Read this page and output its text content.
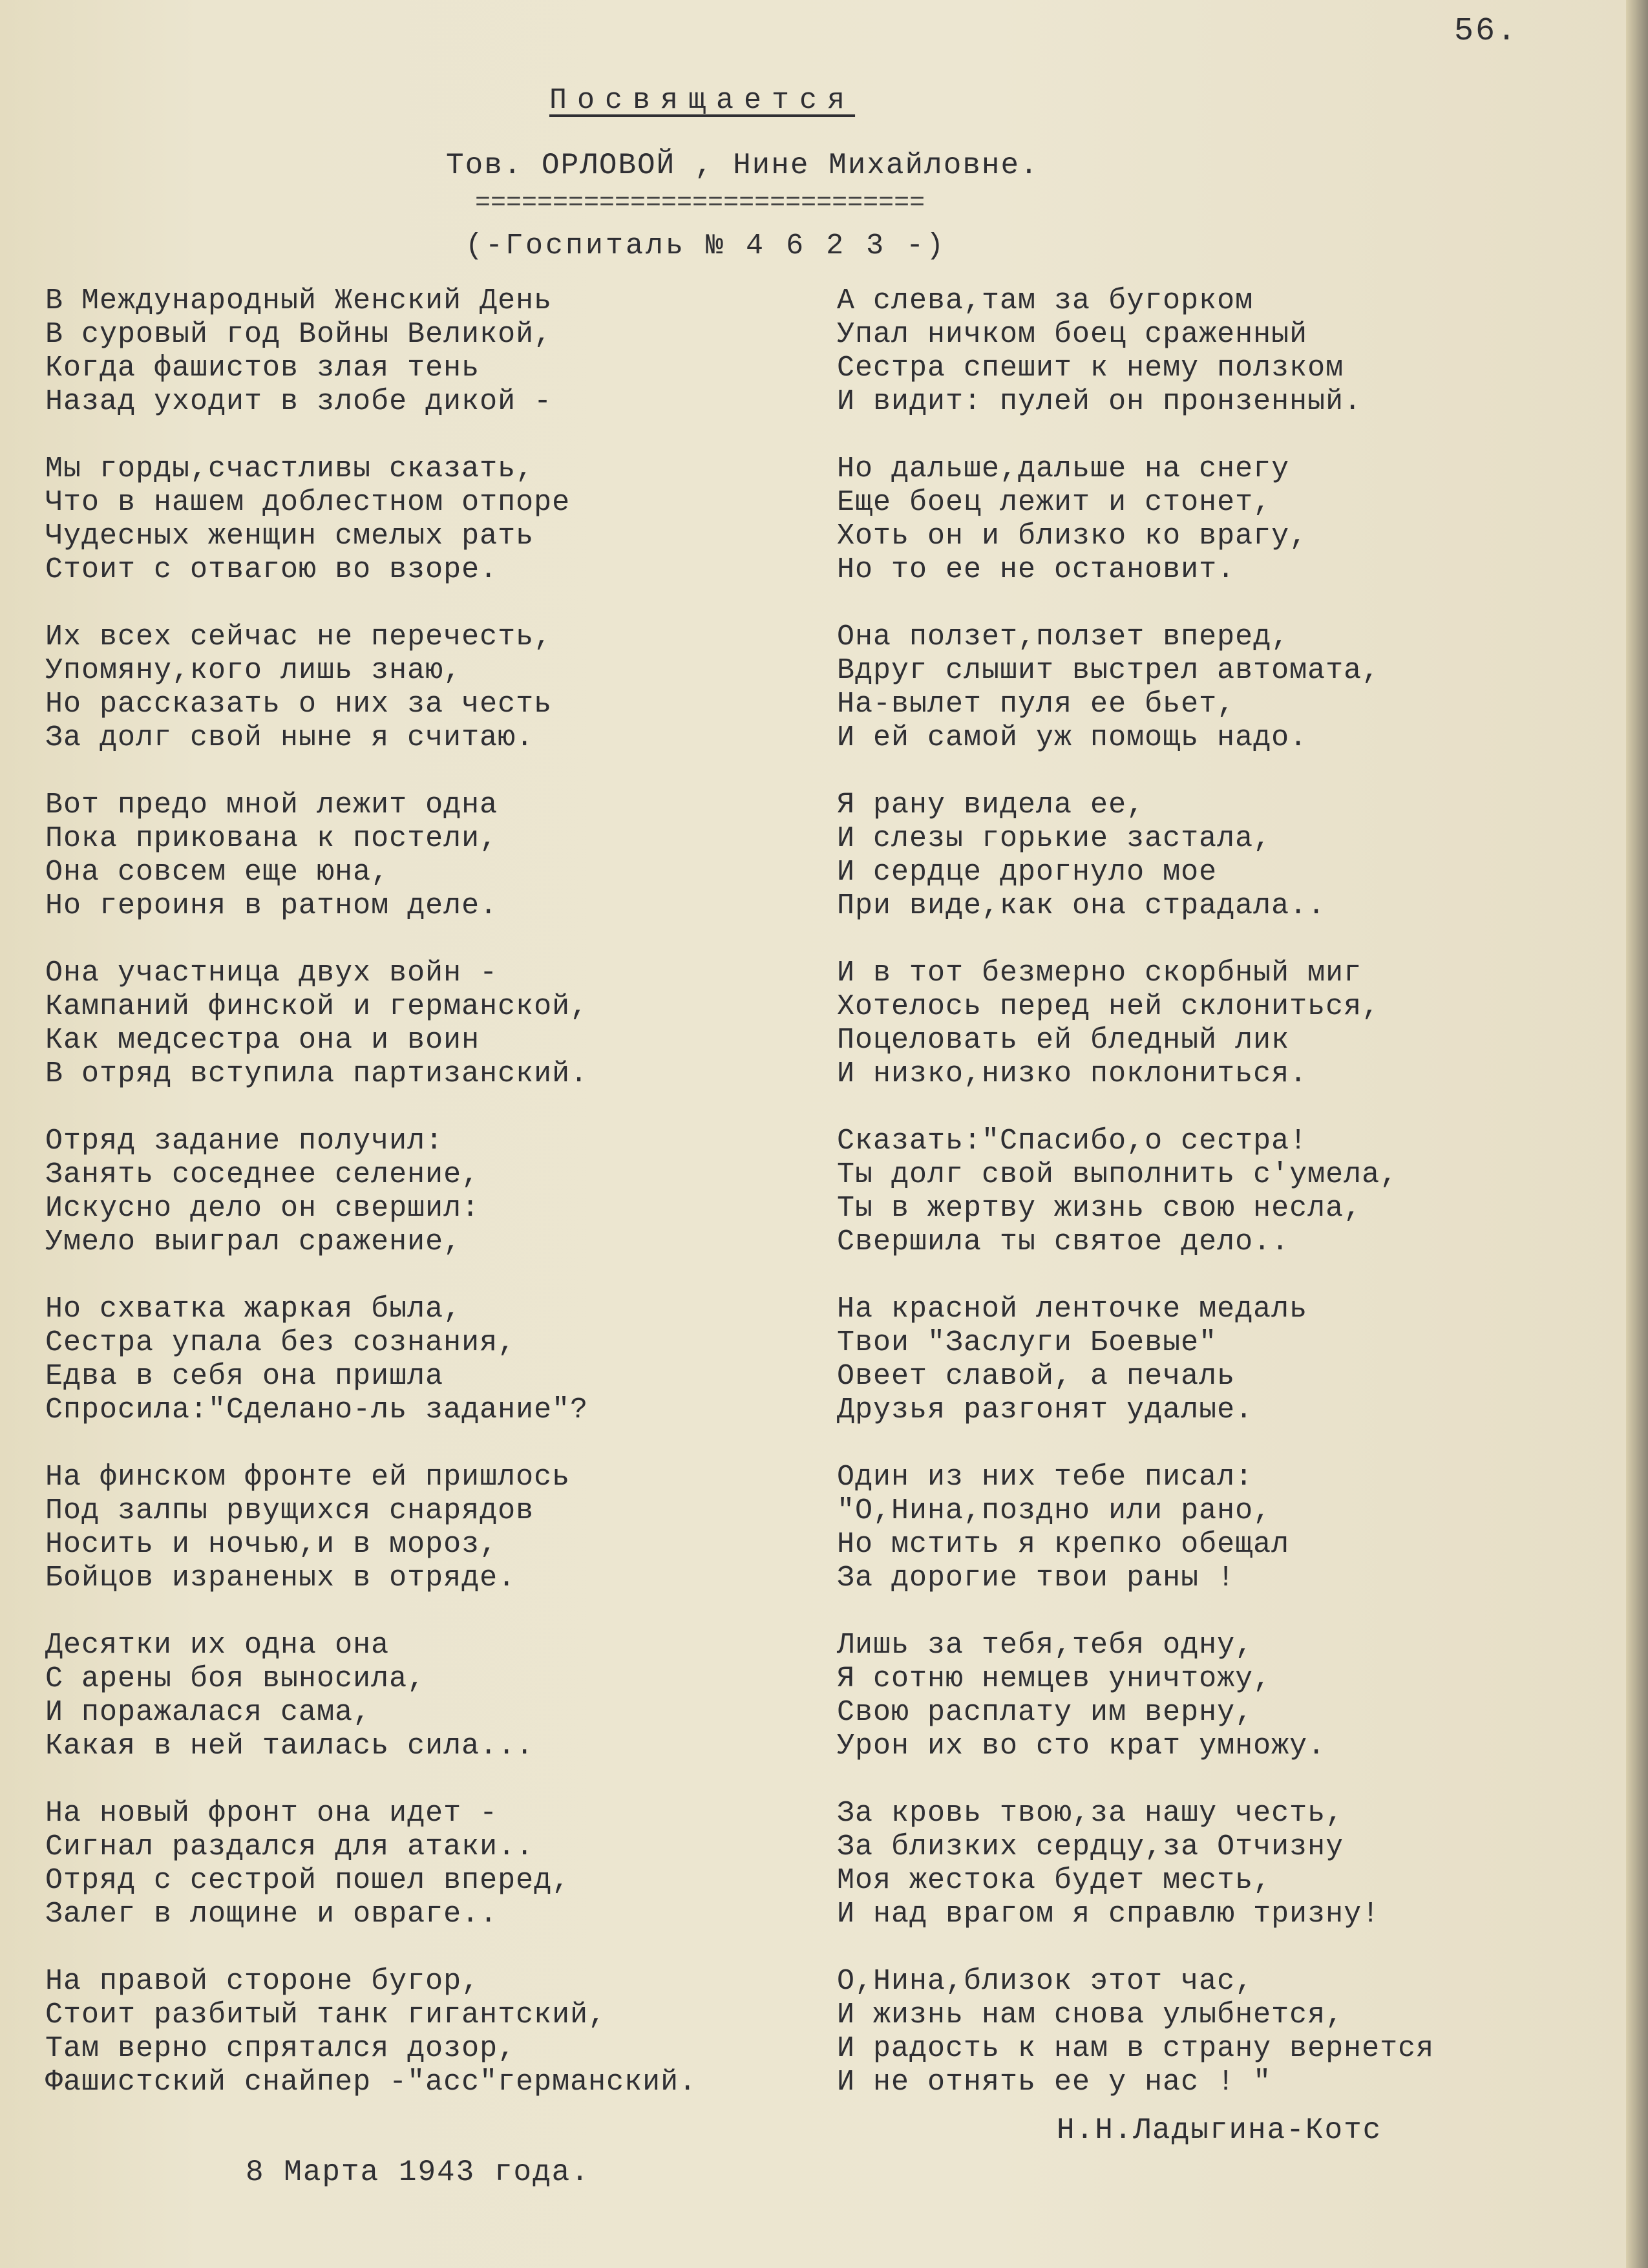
56.
Посвящается
Тов. ОРЛОВОЙ , Нине Михайловне.
=============================
(-Госпиталь № 4 6 2 3 -)
В Международный Женский День
В суровый год Войны Великой,
Когда фашистов злая тень
Назад уходит в злобе дикой -
Мы горды,счастливы сказать,
Что в нашем доблестном отпоре
Чудесных женщин смелых рать
Стоит с отвагою во взоре.
Их всех сейчас не перечесть,
Упомяну,кого лишь знаю,
Но рассказать о них за честь
За долг свой ныне я считаю.
Вот предо мной лежит одна
Пока прикована к постели,
Она совсем еще юна,
Но героиня в ратном деле.
Она участница двух войн -
Кампаний финской и германской,
Как медсестра она и воин
В отряд вступила партизанский.
Отряд задание получил:
Занять соседнее селение,
Искусно дело он свершил:
Умело выиграл сражение,
Но схватка жаркая была,
Сестра упала без сознания,
Едва в себя она пришла
Спросила:"Сделано-ль задание"?
На финском фронте ей пришлось
Под залпы рвущихся снарядов
Носить и ночью,и в мороз,
Бойцов израненых в отряде.
Десятки их одна она
С арены боя выносила,
И поражалася сама,
Какая в ней таилась сила...
На новый фронт она идет -
Сигнал раздался для атаки..
Отряд с сестрой пошел вперед,
Залег в лощине и овраге..
На правой стороне бугор,
Стоит разбитый танк гигантский,
Там верно спрятался дозор,
Фашистский снайпер -"асс"германский.
А слева,там за бугорком
Упал ничком боец сраженный
Сестра спешит к нему ползком
И видит: пулей он пронзенный.
Но дальше,дальше на снегу
Еще боец лежит и стонет,
Хоть он и близко ко врагу,
Но то ее не остановит.
Она ползет,ползет вперед,
Вдруг слышит выстрел автомата,
На-вылет пуля ее бьет,
И ей самой уж помощь надо.
Я рану видела ее,
И слезы горькие застала,
И сердце дрогнуло мое
При виде,как она страдала..
И в тот безмерно скорбный миг
Хотелось перед ней склониться,
Поцеловать ей бледный лик
И низко,низко поклониться.
Сказать:"Спасибо,о сестра!
Ты долг свой выполнить с'умела,
Ты в жертву жизнь свою несла,
Свершила ты святое дело..
На красной ленточке медаль
Твои "Заслуги Боевые"
Овеет славой, а печаль
Друзья разгонят удалые.
Один из них тебе писал:
"О,Нина,поздно или рано,
Но мстить я крепко обещал
За дорогие твои раны !
Лишь за тебя,тебя одну,
Я сотню немцев уничтожу,
Свою расплату им верну,
Урон их во сто крат умножу.
За кровь твою,за нашу честь,
За близких сердцу,за Отчизну
Моя жестока будет месть,
И над врагом я справлю тризну!
О,Нина,близок этот час,
И жизнь нам снова улыбнется,
И радость к нам в страну вернется
И не отнять ее у нас ! "
Н.Н.Ладыгина-Котс
8 Марта 1943 года.
